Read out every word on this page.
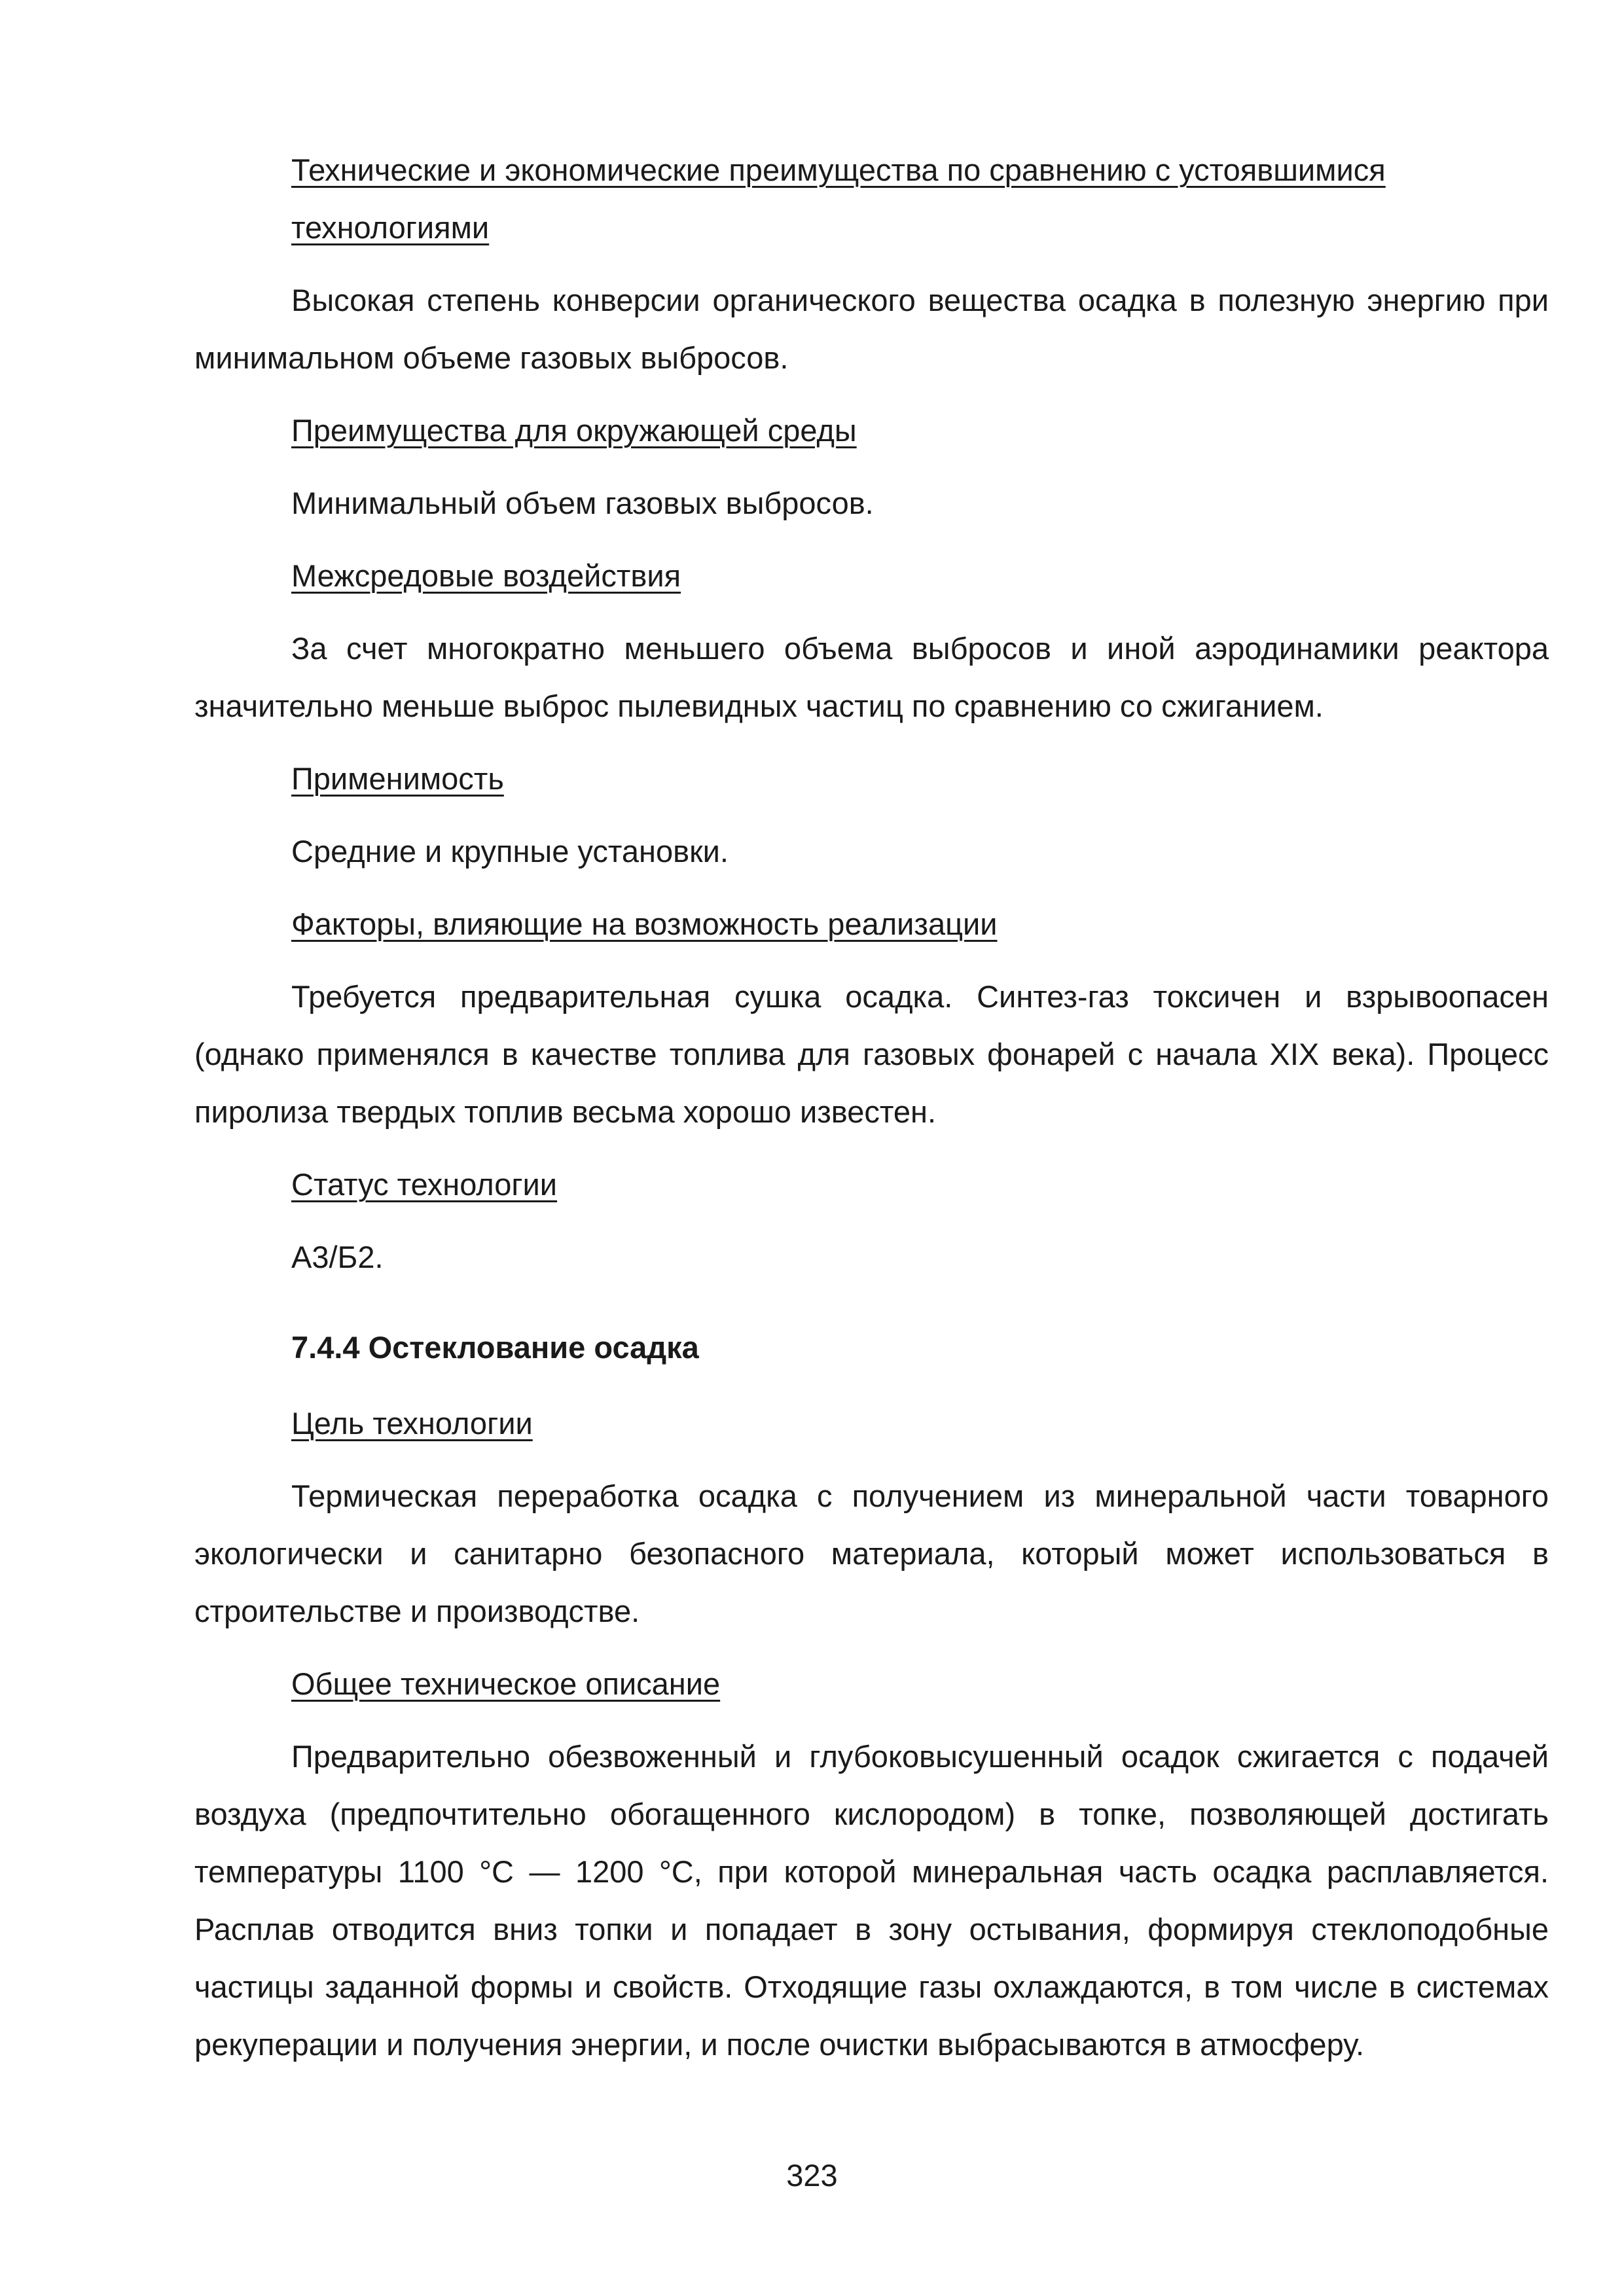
Технические и экономические преимущества по сравнению с устоявшимися технологиями

Высокая степень конверсии органического вещества осадка в полезную энергию при минимальном объеме газовых выбросов.

Преимущества для окружающей среды

Минимальный объем газовых выбросов.

Межсредовые воздействия

За счет многократно меньшего объема выбросов и иной аэродинамики реактора значительно меньше выброс пылевидных частиц по сравнению со сжиганием.

Применимость

Средние и крупные установки.

Факторы, влияющие на возможность реализации

Требуется предварительная сушка осадка. Синтез-газ токсичен и взрывоопасен (однако применялся в качестве топлива для газовых фонарей с начала XIX века). Процесс пиролиза твердых топлив весьма хорошо известен.

Статус технологии

А3/Б2.

7.4.4 Остеклование осадка

Цель технологии

Термическая переработка осадка с получением из минеральной части товарного экологически и санитарно безопасного материала, который может использоваться в строительстве и производстве.

Общее техническое описание

Предварительно обезвоженный и глубоковысушенный осадок сжигается с подачей воздуха (предпочтительно обогащенного кислородом) в топке, позволяющей достигать температуры 1100 °С — 1200 °С, при которой минеральная часть осадка расплавляется. Расплав отводится вниз топки и попадает в зону остывания, формируя стеклоподобные частицы заданной формы и свойств. Отходящие газы охлаждаются, в том числе в системах рекуперации и получения энергии, и после очистки выбрасываются в атмосферу.

323
